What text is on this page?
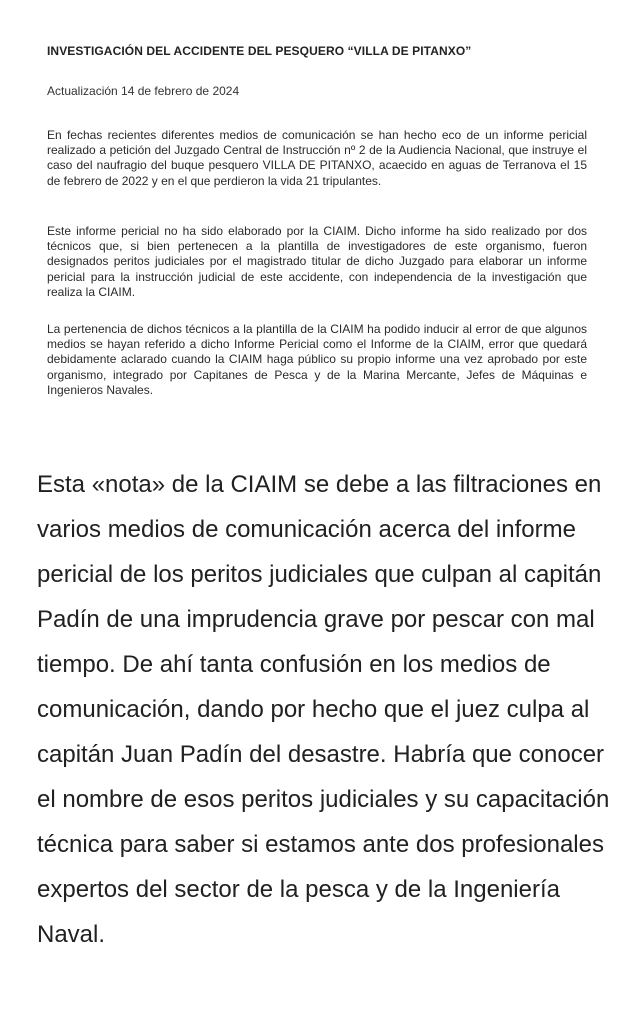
INVESTIGACIÓN DEL ACCIDENTE DEL PESQUERO “VILLA DE PITANXO”
Actualización 14 de febrero de 2024
En fechas recientes diferentes medios de comunicación se han hecho eco de un informe pericial realizado a petición del Juzgado Central de Instrucción nº 2 de la Audiencia Nacional, que instruye el caso del naufragio del buque pesquero VILLA DE PITANXO, acaecido en aguas de Terranova el 15 de febrero de 2022 y en el que perdieron la vida 21 tripulantes.
Este informe pericial no ha sido elaborado por la CIAIM. Dicho informe ha sido realizado por dos técnicos que, si bien pertenecen a la plantilla de investigadores de este organismo, fueron designados peritos judiciales por el magistrado titular de dicho Juzgado para elaborar un informe pericial para la instrucción judicial de este accidente, con independencia de la investigación que realiza la CIAIM.
La pertenencia de dichos técnicos a la plantilla de la CIAIM ha podido inducir al error de que algunos medios se hayan referido a dicho Informe Pericial como el Informe de la CIAIM, error que quedará debidamente aclarado cuando la CIAIM haga público su propio informe una vez aprobado por este organismo, integrado por Capitanes de Pesca y de la Marina Mercante, Jefes de Máquinas e Ingenieros Navales.

Esta «nota» de la CIAIM se debe a las filtraciones en varios medios de comunicación acerca del informe pericial de los peritos judiciales que culpan al capitán Padín de una imprudencia grave por pescar con mal tiempo. De ahí tanta confusión en los medios de comunicación, dando por hecho que el juez culpa al capitán Juan Padín del desastre. Habría que conocer el nombre de esos peritos judiciales y su capacitación técnica para saber si estamos ante dos profesionales expertos del sector de la pesca y de la Ingeniería Naval.
